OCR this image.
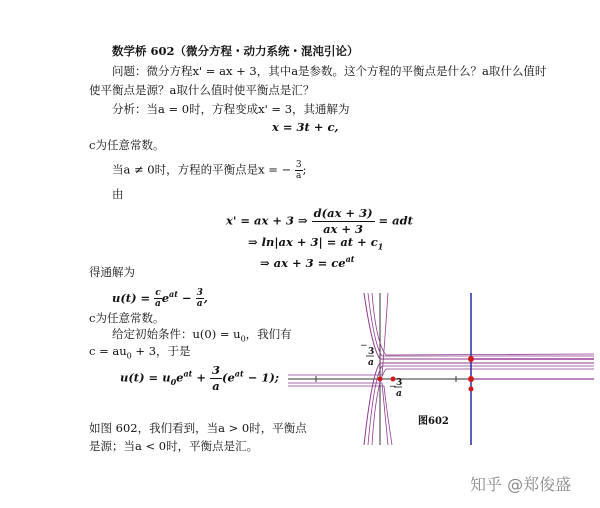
数学桥 602（微分方程・动力系统・混沌引论）
问题：微分方程x' = ax + 3，其中a是参数。这个方程的平衡点是什么？a取什么值时
使平衡点是源？a取什么值时使平衡点是汇？
分析：当a = 0时，方程变成x' = 3，其通解为
x = 3t + c,
c为任意常数。
当a ≠ 0时，方程的平衡点是x = − $\frac{3}{a}$ ;
由
x' = ax + 3 ⇒ $\frac{d(ax + 3)}{ax + 3}$ = adt
⇒ ln|ax + 3| = at + $c_1$
⇒ ax + $3 = ce^{at}$
得通解为
$u(t) = \frac{c}{a} e^{at} - \frac{3}{a}$ ,
c为任意常数。
给定初始条件：$u(0) = u_0$，我们有
$c = au_0 + 3$，于是
$u(t) = u_0e^{at} + \frac{3}{a} (e^{at} - 1)$;
如图 602，我们看到，当a > 0时，平衡点
是源；当a < 0时，平衡点是汇。
−
3
a
− 3
a
图602
知乎 @郑俊盛
